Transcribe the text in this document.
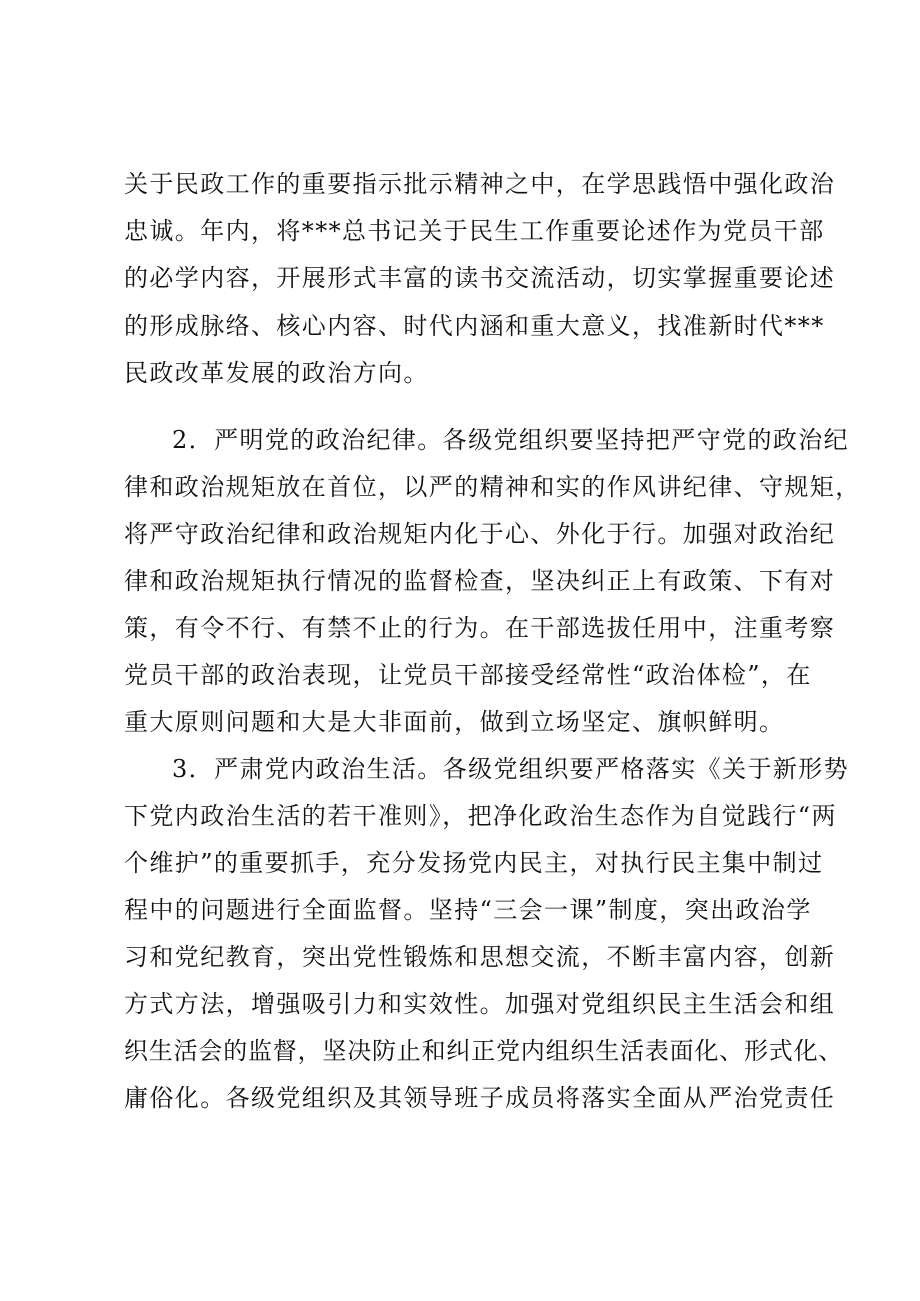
关于民政工作的重要指示批示精神之中，在学思践悟中强化政治
忠诚。年内，将***总书记关于民生工作重要论述作为党员干部
的必学内容，开展形式丰富的读书交流活动，切实掌握重要论述
的形成脉络、核心内容、时代内涵和重大意义，找准新时代***
民政改革发展的政治方向。
2．严明党的政治纪律。各级党组织要坚持把严守党的政治纪
律和政治规矩放在首位，以严的精神和实的作风讲纪律、守规矩，
将严守政治纪律和政治规矩内化于心、外化于行。加强对政治纪
律和政治规矩执行情况的监督检查，坚决纠正上有政策、下有对
策，有令不行、有禁不止的行为。在干部选拔任用中，注重考察
党员干部的政治表现，让党员干部接受经常性“政治体检”，在
重大原则问题和大是大非面前，做到立场坚定、旗帜鲜明。
3．严肃党内政治生活。各级党组织要严格落实《关于新形势
下党内政治生活的若干准则》，把净化政治生态作为自觉践行“两
个维护”的重要抓手，充分发扬党内民主，对执行民主集中制过
程中的问题进行全面监督。坚持“三会一课”制度，突出政治学
习和党纪教育，突出党性锻炼和思想交流，不断丰富内容，创新
方式方法，增强吸引力和实效性。加强对党组织民主生活会和组
织生活会的监督，坚决防止和纠正党内组织生活表面化、形式化、
庸俗化。各级党组织及其领导班子成员将落实全面从严治党责任
